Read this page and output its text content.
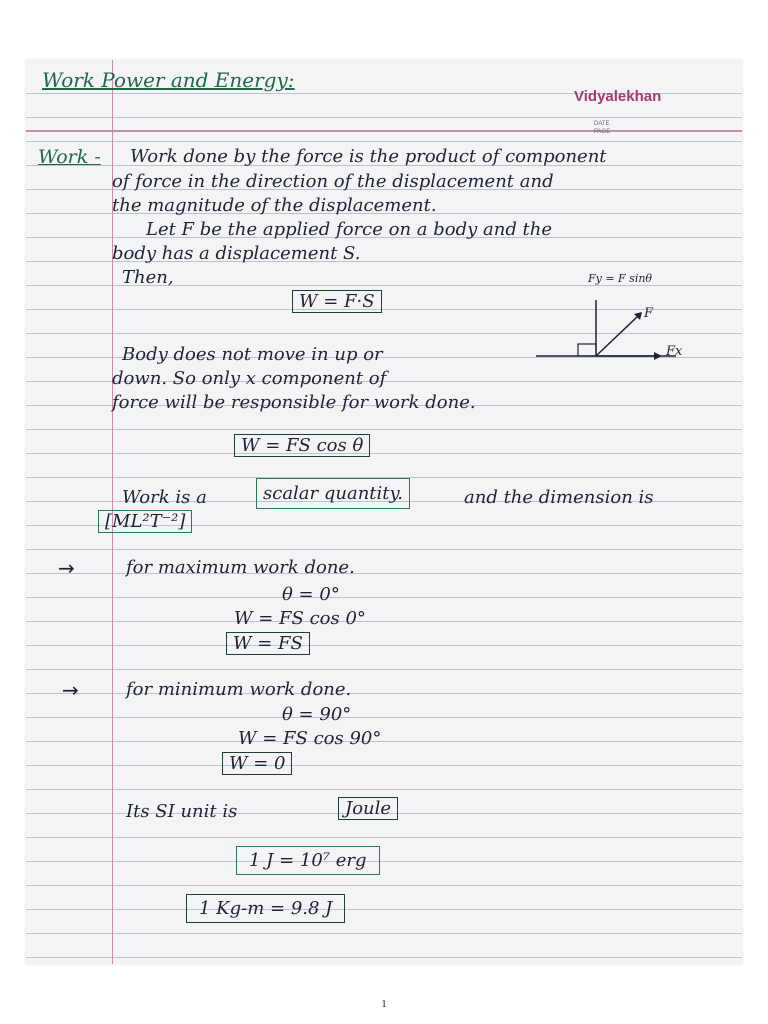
Work Power and Energy:
Vidyalekhan
DATE
PAGE
Work - Work done by the force is the product of component
of force in the direction of the displacement and
the magnitude of the displacement.
Let F be the applied force on a body and the
body has a displacement S.
Then,
W = F·S
Fy = F sinθ
F
Fx
Body does not move in up or
down. So only x component of
force will be responsible for work done.
W = FS cos θ
Work is a	scalar quantity.	and the dimension is
[ML²T⁻²]
→	for maximum work done.
θ = 0°
W = FS cos 0°
W = FS
→	for minimum work done.
θ = 90°
W = FS cos 90°
W = 0
Its SI unit is	Joule
1 J = 10⁷ erg
1 Kg-m = 9.8 J
1
